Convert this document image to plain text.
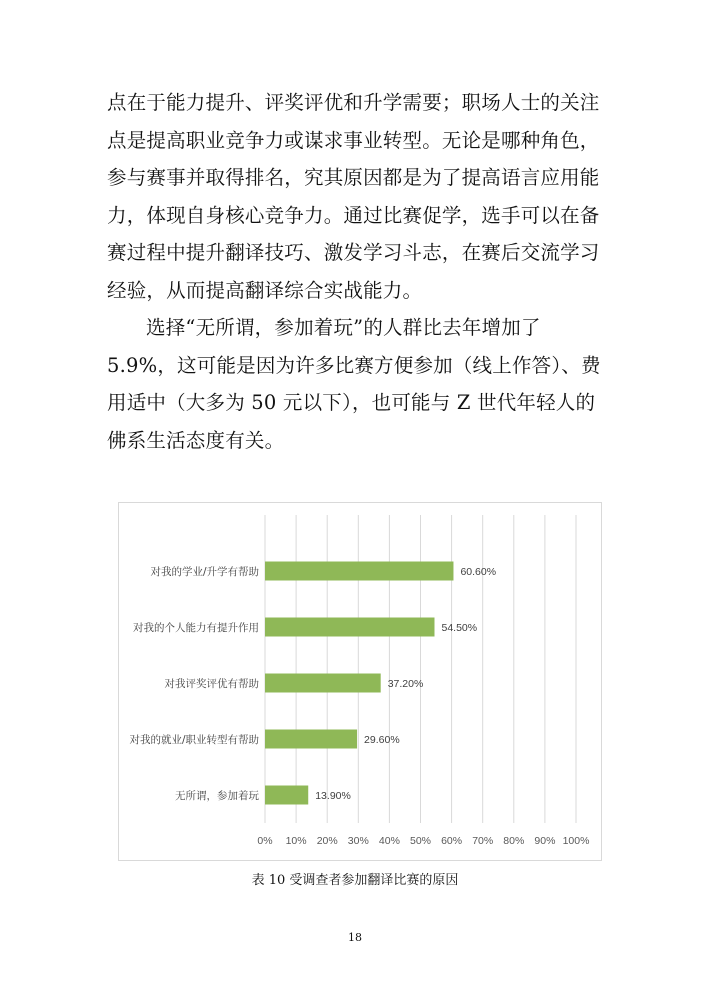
点在于能力提升、评奖评优和升学需要；职场人士的关注点是提高职业竞争力或谋求事业转型。无论是哪种角色，参与赛事并取得排名，究其原因都是为了提高语言应用能力，体现自身核心竞争力。通过比赛促学，选手可以在备赛过程中提升翻译技巧、激发学习斗志，在赛后交流学习经验，从而提高翻译综合实战能力。

选择“无所谓，参加着玩”的人群比去年增加了 5.9%，这可能是因为许多比赛方便参加（线上作答）、费用适中（大多为 50 元以下），也可能与 Z 世代年轻人的佛系生活态度有关。

0% 10% 20% 30% 40% 50% 60% 70% 80% 90% 100%
对我的学业/升学有帮助	60.60%
对我的个人能力有提升作用	54.50%
对我评奖评优有帮助	37.20%
对我的就业/职业转型有帮助	29.60%
无所谓，参加着玩	13.90%
表 10 受调查者参加翻译比赛的原因
18
